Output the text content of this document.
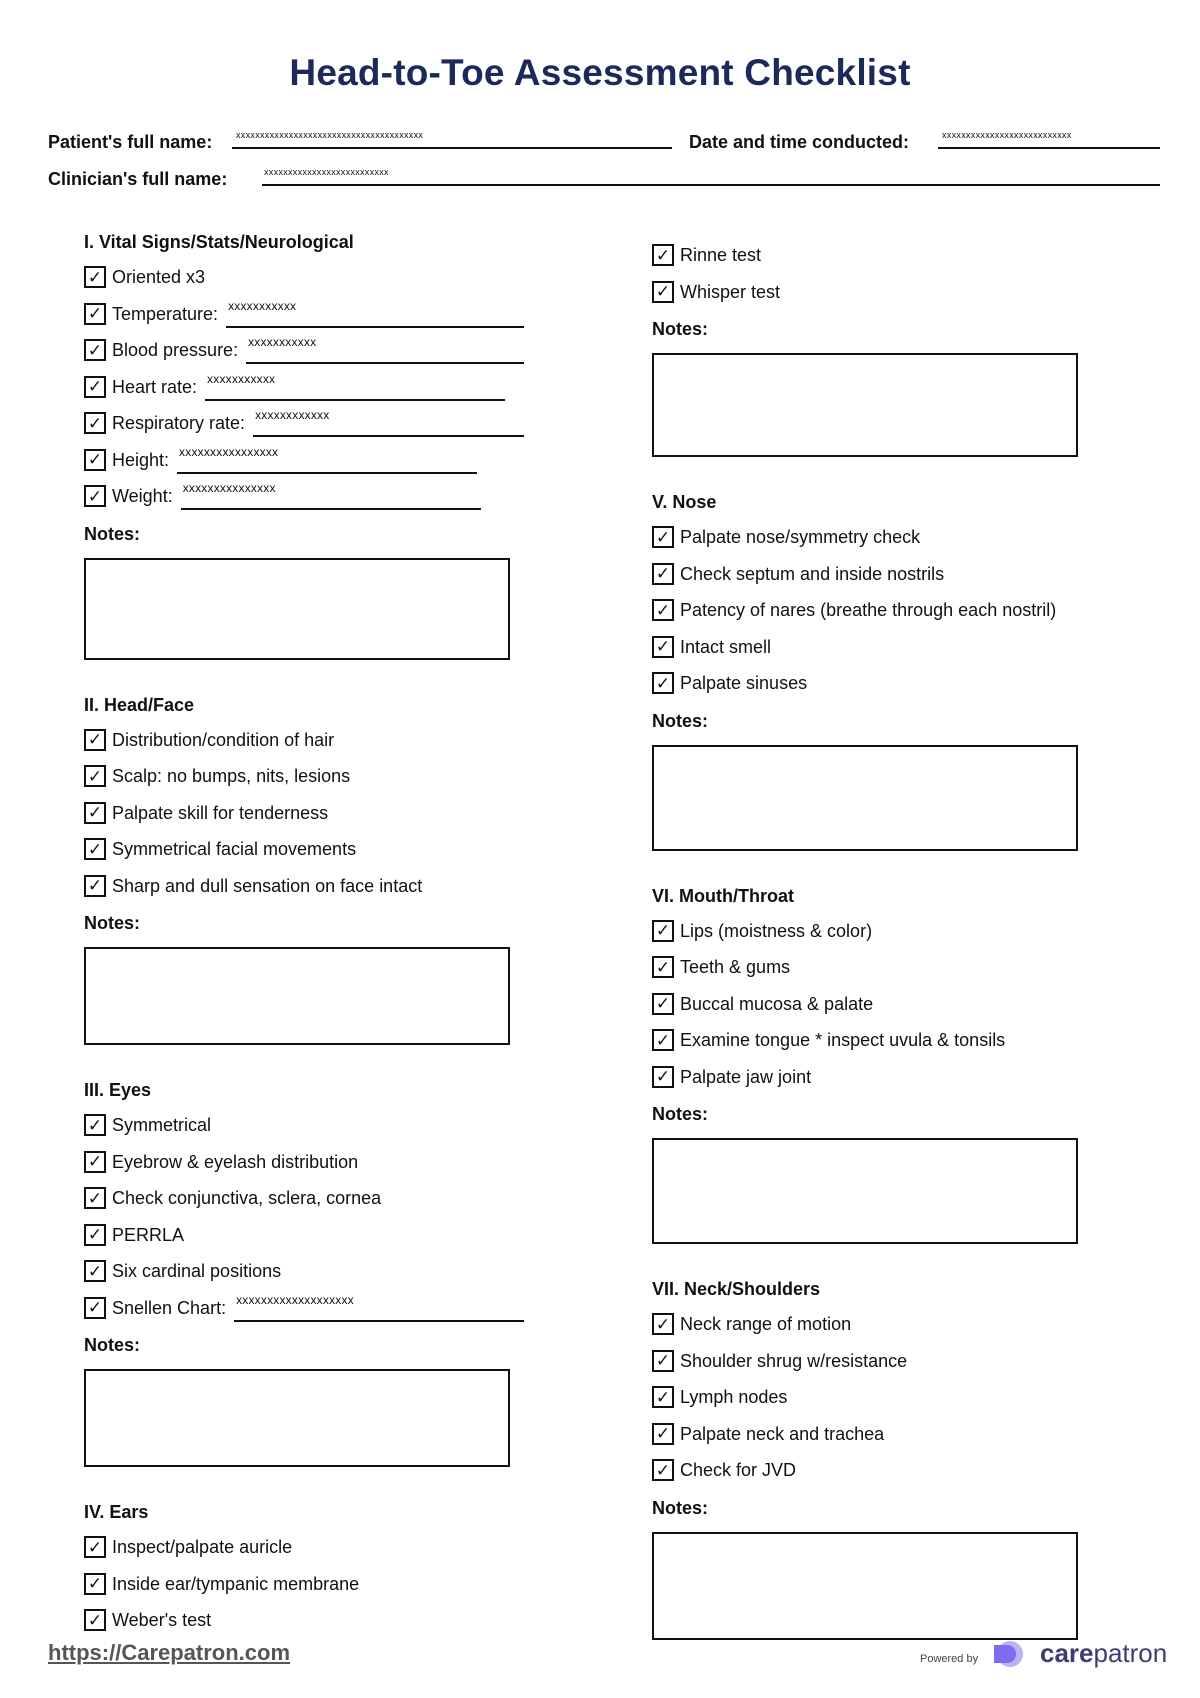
Head-to-Toe Assessment Checklist
Patient's full name:	xxxxxxxxxxxxxxxxxxxxxxxxxxxxxxxxxxxxxxx	Date and time conducted:	xxxxxxxxxxxxxxxxxxxxxxxxxxx
Clinician's full name:	xxxxxxxxxxxxxxxxxxxxxxxxxx
I. Vital Signs/Stats/Neurological
✓ Oriented x3
✓ Temperature: xxxxxxxxxxx
✓ Blood pressure: xxxxxxxxxxx
✓ Heart rate: xxxxxxxxxxx
✓ Respiratory rate: xxxxxxxxxxxx
✓ Height: xxxxxxxxxxxxxxxx
✓ Weight: xxxxxxxxxxxxxxx
Notes:
II. Head/Face
✓ Distribution/condition of hair
✓ Scalp: no bumps, nits, lesions
✓ Palpate skill for tenderness
✓ Symmetrical facial movements
✓ Sharp and dull sensation on face intact
Notes:
III. Eyes
✓ Symmetrical
✓ Eyebrow & eyelash distribution
✓ Check conjunctiva, sclera, cornea
✓ PERRLA
✓ Six cardinal positions
✓ Snellen Chart: xxxxxxxxxxxxxxxxxxx
Notes:
IV. Ears
✓ Inspect/palpate auricle
✓ Inside ear/tympanic membrane
✓ Weber's test
✓ Rinne test
✓ Whisper test
Notes:
V. Nose
✓ Palpate nose/symmetry check
✓ Check septum and inside nostrils
✓ Patency of nares (breathe through each nostril)
✓ Intact smell
✓ Palpate sinuses
Notes:
VI. Mouth/Throat
✓ Lips (moistness & color)
✓ Teeth & gums
✓ Buccal mucosa & palate
✓ Examine tongue * inspect uvula & tonsils
✓ Palpate jaw joint
Notes:
VII. Neck/Shoulders
✓ Neck range of motion
✓ Shoulder shrug w/resistance
✓ Lymph nodes
✓ Palpate neck and trachea
✓ Check for JVD
Notes:
https://Carepatron.com	Powered by carepatron
